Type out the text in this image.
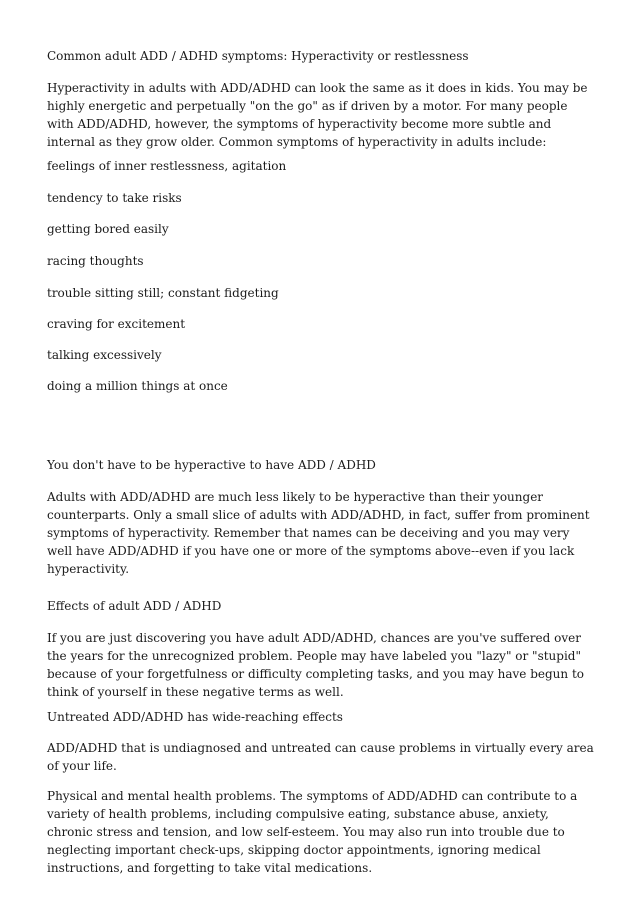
Common adult ADD / ADHD symptoms: Hyperactivity or restlessness

Hyperactivity in adults with ADD/ADHD can look the same as it does in kids. You may be highly energetic and perpetually "on the go" as if driven by a motor. For many people with ADD/ADHD, however, the symptoms of hyperactivity become more subtle and internal as they grow older. Common symptoms of hyperactivity in adults include:

feelings of inner restlessness, agitation

tendency to take risks

getting bored easily

racing thoughts

trouble sitting still; constant fidgeting

craving for excitement

talking excessively

doing a million things at once

You don't have to be hyperactive to have ADD / ADHD

Adults with ADD/ADHD are much less likely to be hyperactive than their younger counterparts. Only a small slice of adults with ADD/ADHD, in fact, suffer from prominent symptoms of hyperactivity. Remember that names can be deceiving and you may very well have ADD/ADHD if you have one or more of the symptoms above--even if you lack hyperactivity.

Effects of adult ADD / ADHD

If you are just discovering you have adult ADD/ADHD, chances are you've suffered over the years for the unrecognized problem. People may have labeled you "lazy" or "stupid" because of your forgetfulness or difficulty completing tasks, and you may have begun to think of yourself in these negative terms as well.

Untreated ADD/ADHD has wide-reaching effects

ADD/ADHD that is undiagnosed and untreated can cause problems in virtually every area of your life.

Physical and mental health problems. The symptoms of ADD/ADHD can contribute to a variety of health problems, including compulsive eating, substance abuse, anxiety, chronic stress and tension, and low self-esteem. You may also run into trouble due to neglecting important check-ups, skipping doctor appointments, ignoring medical instructions, and forgetting to take vital medications.
